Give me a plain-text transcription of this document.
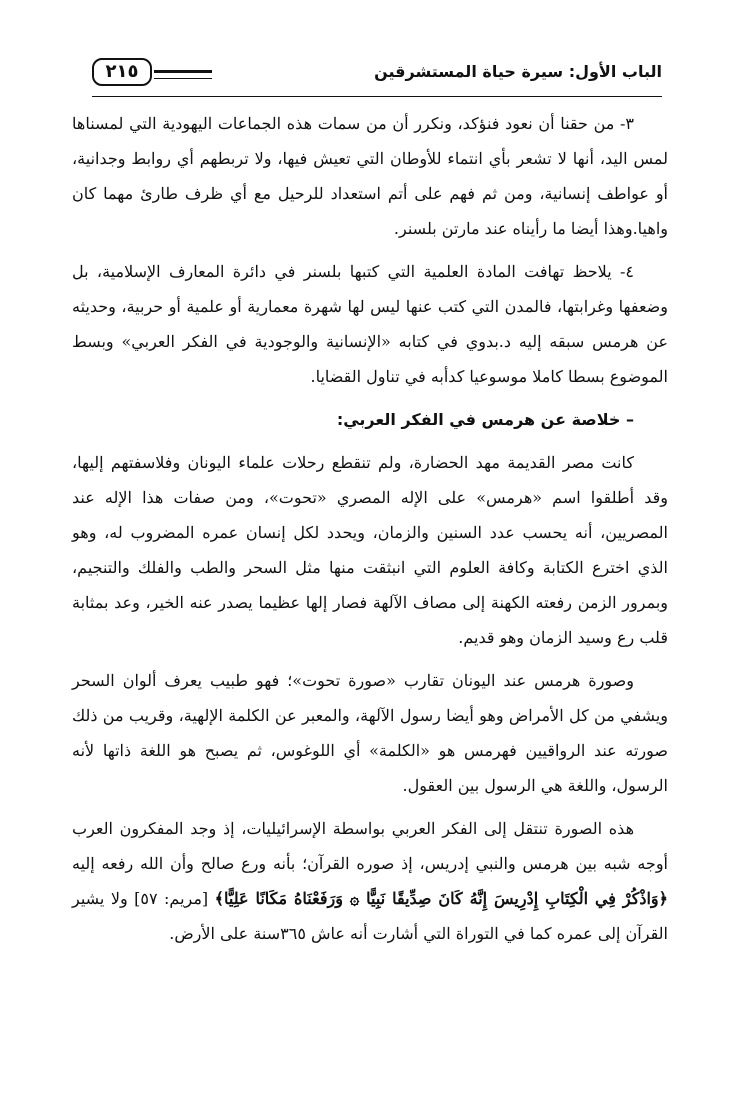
الباب الأول: سيرة حياة المستشرقين
٢١٥

٣- من حقنا أن نعود فنؤكد، ونكرر أن من سمات هذه الجماعات اليهودية التي لمسناها لمس اليد، أنها لا تشعر بأي انتماء للأوطان التي تعيش فيها، ولا تربطهم أي روابط وجدانية، أو عواطف إنسانية، ومن ثم فهم على أتم استعداد للرحيل مع أي ظرف طارئ مهما كان واهيا.وهذا أيضا ما رأيناه عند مارتن بلسنر.

٤- يلاحظ تهافت المادة العلمية التي كتبها بلسنر في دائرة المعارف الإسلامية، بل وضعفها وغرابتها، فالمدن التي كتب عنها ليس لها شهرة معمارية أو علمية أو حربية، وحديثه عن هرمس سبقه إليه د.بدوي في كتابه «الإنسانية والوجودية في الفكر العربي» وبسط الموضوع بسطا كاملا موسوعيا كدأبه في تناول القضايا.

– خلاصة عن هرمس في الفكر العربي:

كانت مصر القديمة مهد الحضارة، ولم تنقطع رحلات علماء اليونان وفلاسفتهم إليها، وقد أطلقوا اسم «هرمس» على الإله المصري «تحوت»، ومن صفات هذا الإله عند المصريين، أنه يحسب عدد السنين والزمان، ويحدد لكل إنسان عمره المضروب له، وهو الذي اخترع الكتابة وكافة العلوم التي انبثقت منها مثل السحر والطب والفلك والتنجيم، وبمرور الزمن رفعته الكهنة إلى مصاف الآلهة فصار إلها عظيما يصدر عنه الخير، وعد بمثابة قلب رع وسيد الزمان وهو قديم.

وصورة هرمس عند اليونان تقارب «صورة تحوت»؛ فهو طبيب يعرف ألوان السحر ويشفي من كل الأمراض وهو أيضا رسول الآلهة، والمعبر عن الكلمة الإلهية، وقريب من ذلك صورته عند الرواقيين فهرمس هو «الكلمة» أي اللوغوس، ثم يصبح هو اللغة ذاتها لأنه الرسول، واللغة هي الرسول بين العقول.

هذه الصورة تنتقل إلى الفكر العربي بواسطة الإسرائيليات، إذ وجد المفكرون العرب أوجه شبه بين هرمس والنبي إدريس، إذ صوره القرآن؛ بأنه ورع صالح وأن الله رفعه إليه ﴿وَاذْكُرْ فِي الْكِتَابِ إِدْرِيسَ إِنَّهُ كَانَ صِدِّيقًا نَبِيًّا ۞ وَرَفَعْنَاهُ مَكَانًا عَلِيًّا﴾ [مريم: ٥٧] ولا يشير القرآن إلى عمره كما في التوراة التي أشارت أنه عاش ٣٦٥سنة على الأرض.
